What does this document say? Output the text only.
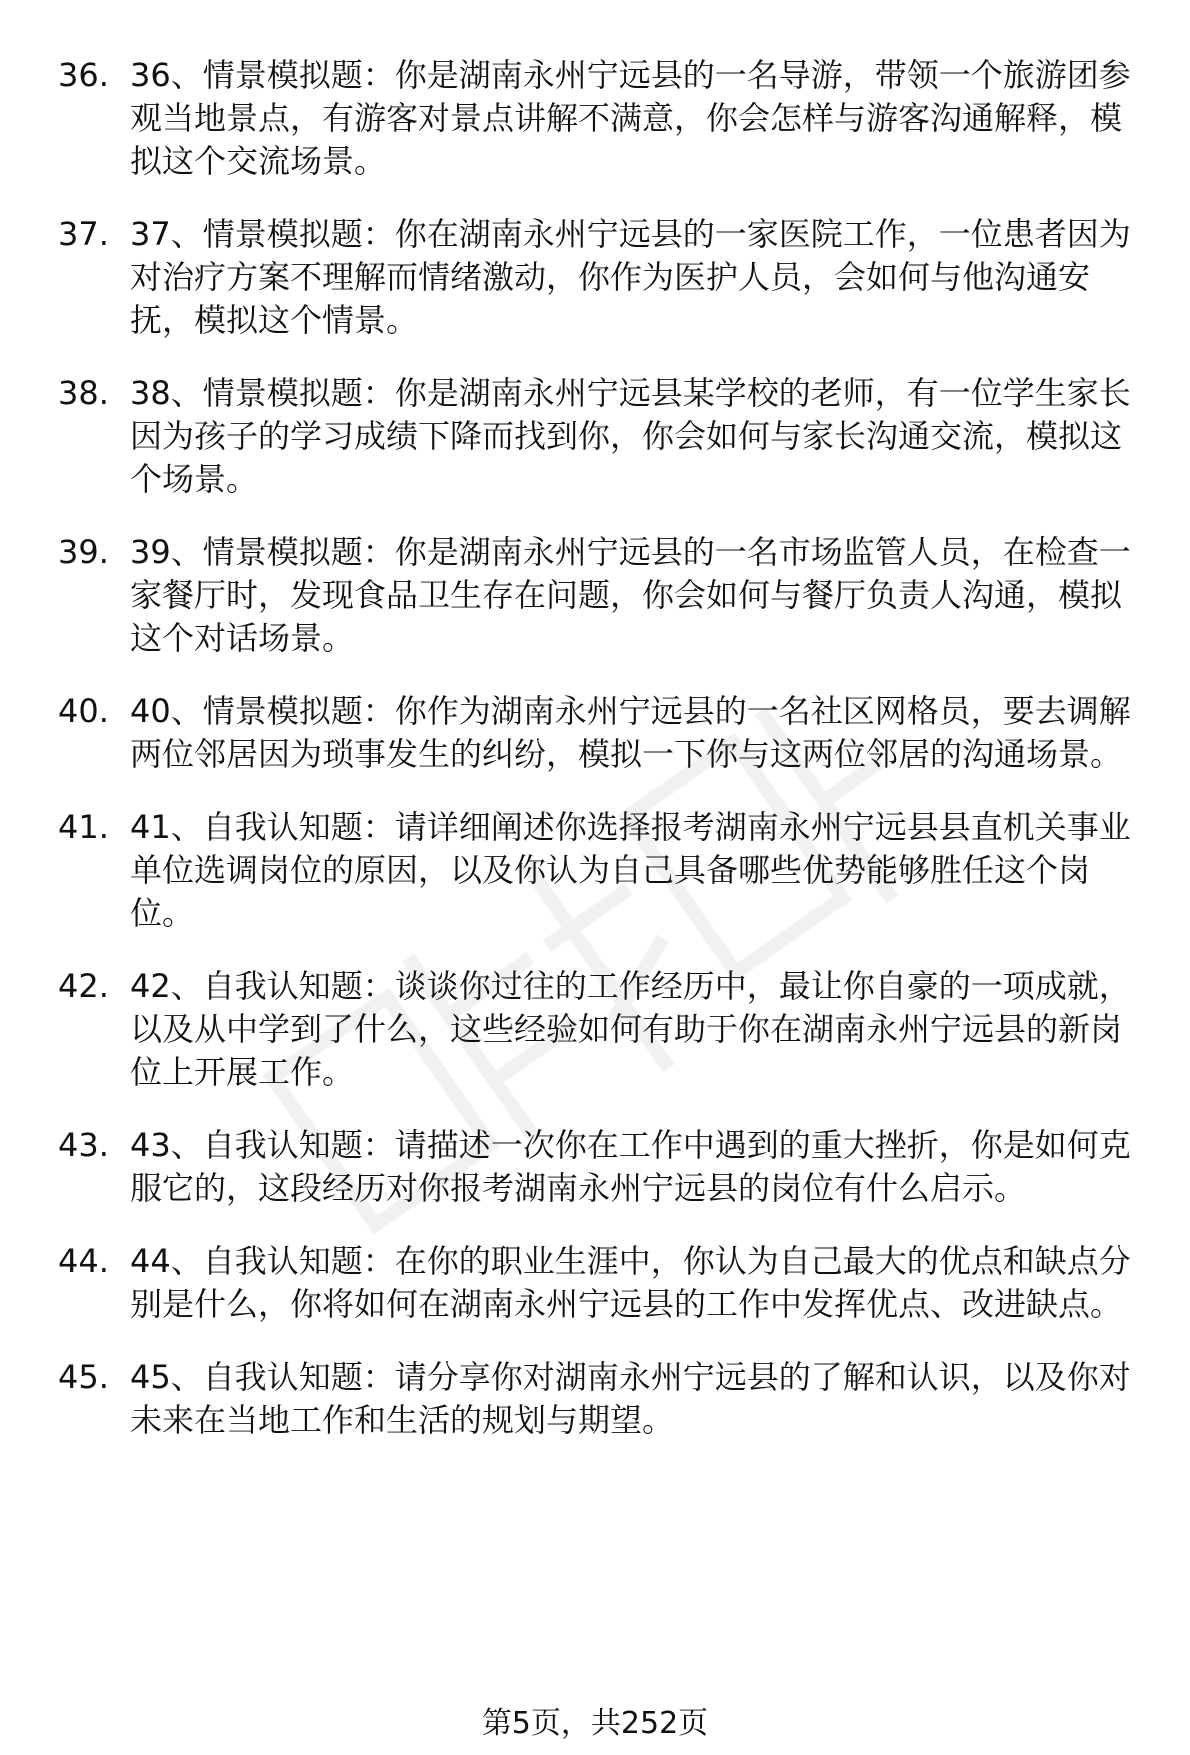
36. 36、情景模拟题：你是湖南永州宁远县的一名导游，带领一个旅游团参观当地景点，有游客对景点讲解不满意，你会怎样与游客沟通解释，模拟这个交流场景。
37. 37、情景模拟题：你在湖南永州宁远县的一家医院工作，一位患者因为对治疗方案不理解而情绪激动，你作为医护人员，会如何与他沟通安抚，模拟这个情景。
38. 38、情景模拟题：你是湖南永州宁远县某学校的老师，有一位学生家长因为孩子的学习成绩下降而找到你，你会如何与家长沟通交流，模拟这个场景。
39. 39、情景模拟题：你是湖南永州宁远县的一名市场监管人员，在检查一家餐厅时，发现食品卫生存在问题，你会如何与餐厅负责人沟通，模拟这个对话场景。
40. 40、情景模拟题：你作为湖南永州宁远县的一名社区网格员，要去调解两位邻居因为琐事发生的纠纷，模拟一下你与这两位邻居的沟通场景。
41. 41、自我认知题：请详细阐述你选择报考湖南永州宁远县县直机关事业单位选调岗位的原因，以及你认为自己具备哪些优势能够胜任这个岗位。
42. 42、自我认知题：谈谈你过往的工作经历中，最让你自豪的一项成就，以及从中学到了什么，这些经验如何有助于你在湖南永州宁远县的新岗位上开展工作。
43. 43、自我认知题：请描述一次你在工作中遇到的重大挫折，你是如何克服它的，这段经历对你报考湖南永州宁远县的岗位有什么启示。
44. 44、自我认知题：在你的职业生涯中，你认为自己最大的优点和缺点分别是什么，你将如何在湖南永州宁远县的工作中发挥优点、改进缺点。
45. 45、自我认知题：请分享你对湖南永州宁远县的了解和认识，以及你对未来在当地工作和生活的规划与期望。
第5页，共252页
